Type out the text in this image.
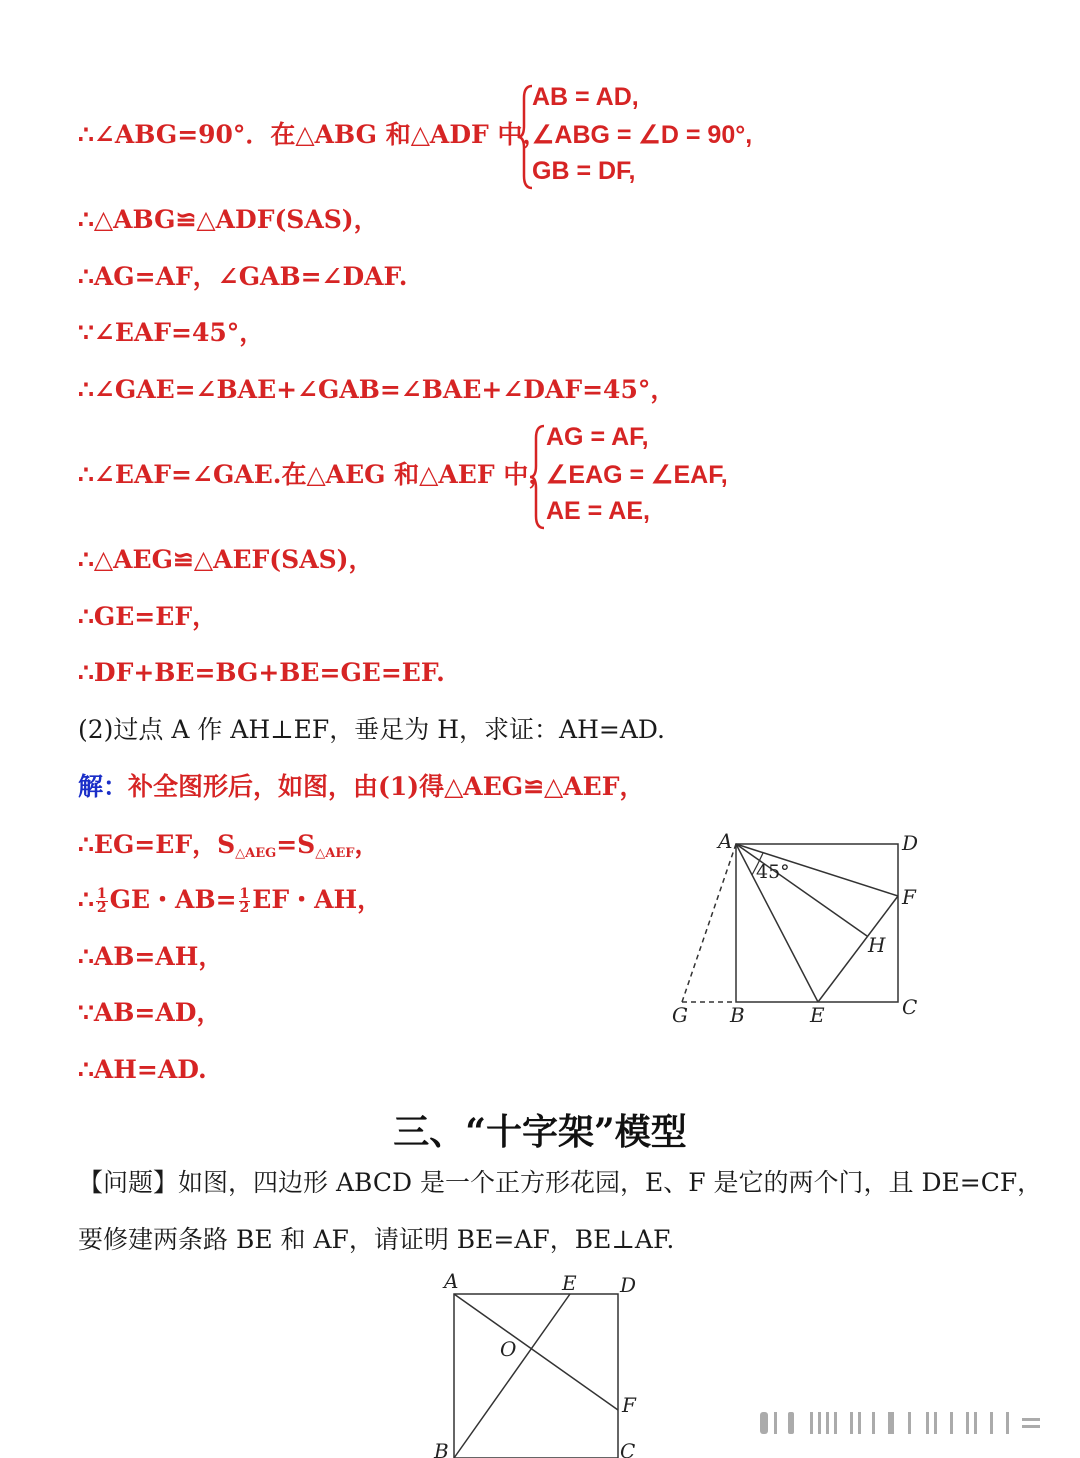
∴∠ABG=90°．在△ABG 和△ADF 中，
AB = AD,
∠ABG = ∠D = 90°,
GB = DF,
∴△ABG≌△ADF(SAS)，
∴AG=AF，∠GAB=∠DAF.
∵∠EAF=45°，
∴∠GAE=∠BAE+∠GAB=∠BAE+∠DAF=45°，
∴∠EAF=∠GAE.在△AEG 和△AEF 中，
AG = AF,
∠EAG = ∠EAF,
AE = AE,
∴△AEG≌△AEF(SAS)，
∴GE=EF，
∴DF+BE=BG+BE=GE=EF.
(2)过点 A 作 AH⊥EF，垂足为 H，求证：AH=AD.
解：补全图形后，如图，由(1)得△AEG≌△AEF，
∴EG=EF，$S_{\triangle AEG}=S_{\triangle AEF}$，
∴ $\frac{1}{2}$ GE・$AB= \frac{1}{2}$ EF・AH，
∴AB=AH，
∵AB=AD，
∴AH=AD.
A	D
F
H
C
E
B
G
45°
三、“十字架”模型
【问题】如图，四边形 ABCD 是一个正方形花园，E、F 是它的两个门，且 DE=CF，
要修建两条路 BE 和 AF，请证明 BE=AF，BE⊥AF.
A	E D
O
F
B	C
